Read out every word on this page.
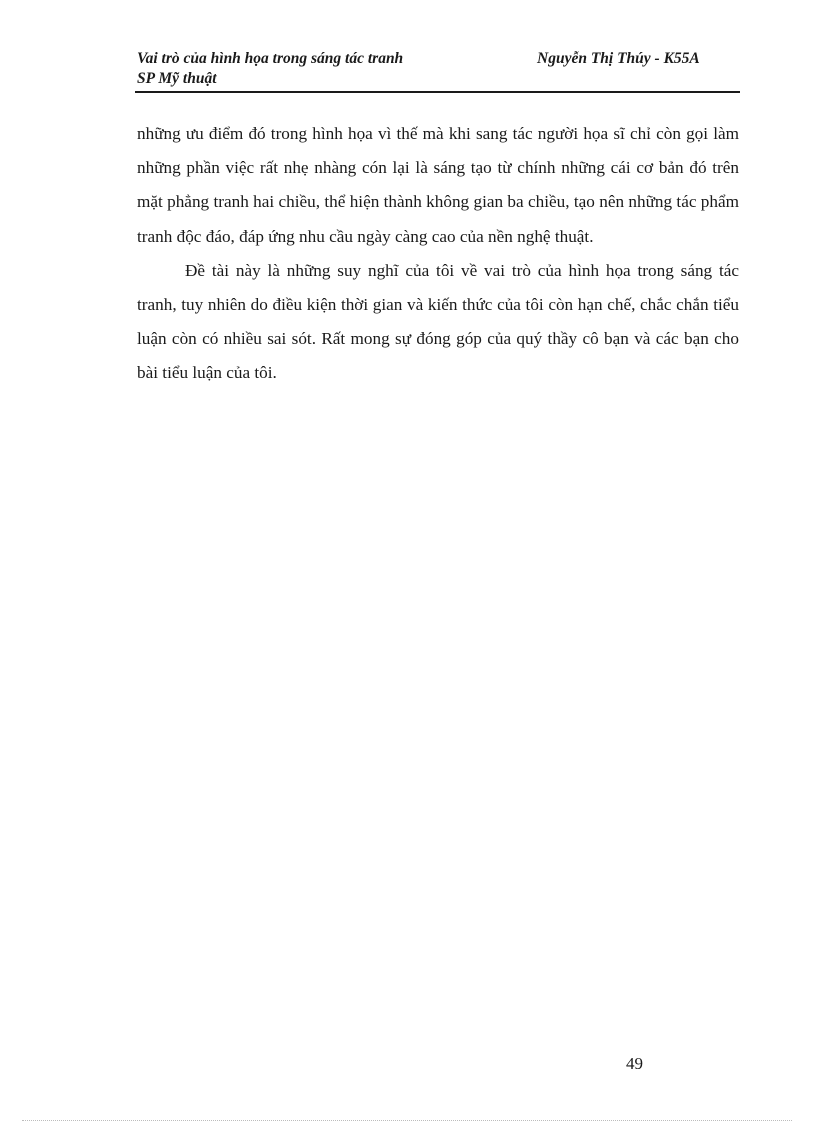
Vai trò của hình họa trong sáng tác tranh
SP Mỹ thuật
Nguyễn Thị Thúy - K55A

những ưu điểm đó trong hình họa vì thế mà khi sang tác người họa sĩ chỉ còn gọi làm những phần việc rất nhẹ nhàng cón lại là sáng tạo từ chính những cái cơ bản đó trên mặt phẳng tranh hai chiều, thể hiện thành không gian ba chiều, tạo nên những tác phẩm tranh độc đáo, đáp ứng nhu cầu ngày càng cao của nền nghệ thuật.

Đề tài này là những suy nghĩ của tôi về vai trò của hình họa trong sáng tác tranh, tuy nhiên do điều kiện thời gian và kiến thức của tôi còn hạn chế, chắc chắn tiểu luận còn có nhiều sai sót. Rất mong sự đóng góp của quý thầy cô bạn và các bạn cho bài tiểu luận của tôi.

49
